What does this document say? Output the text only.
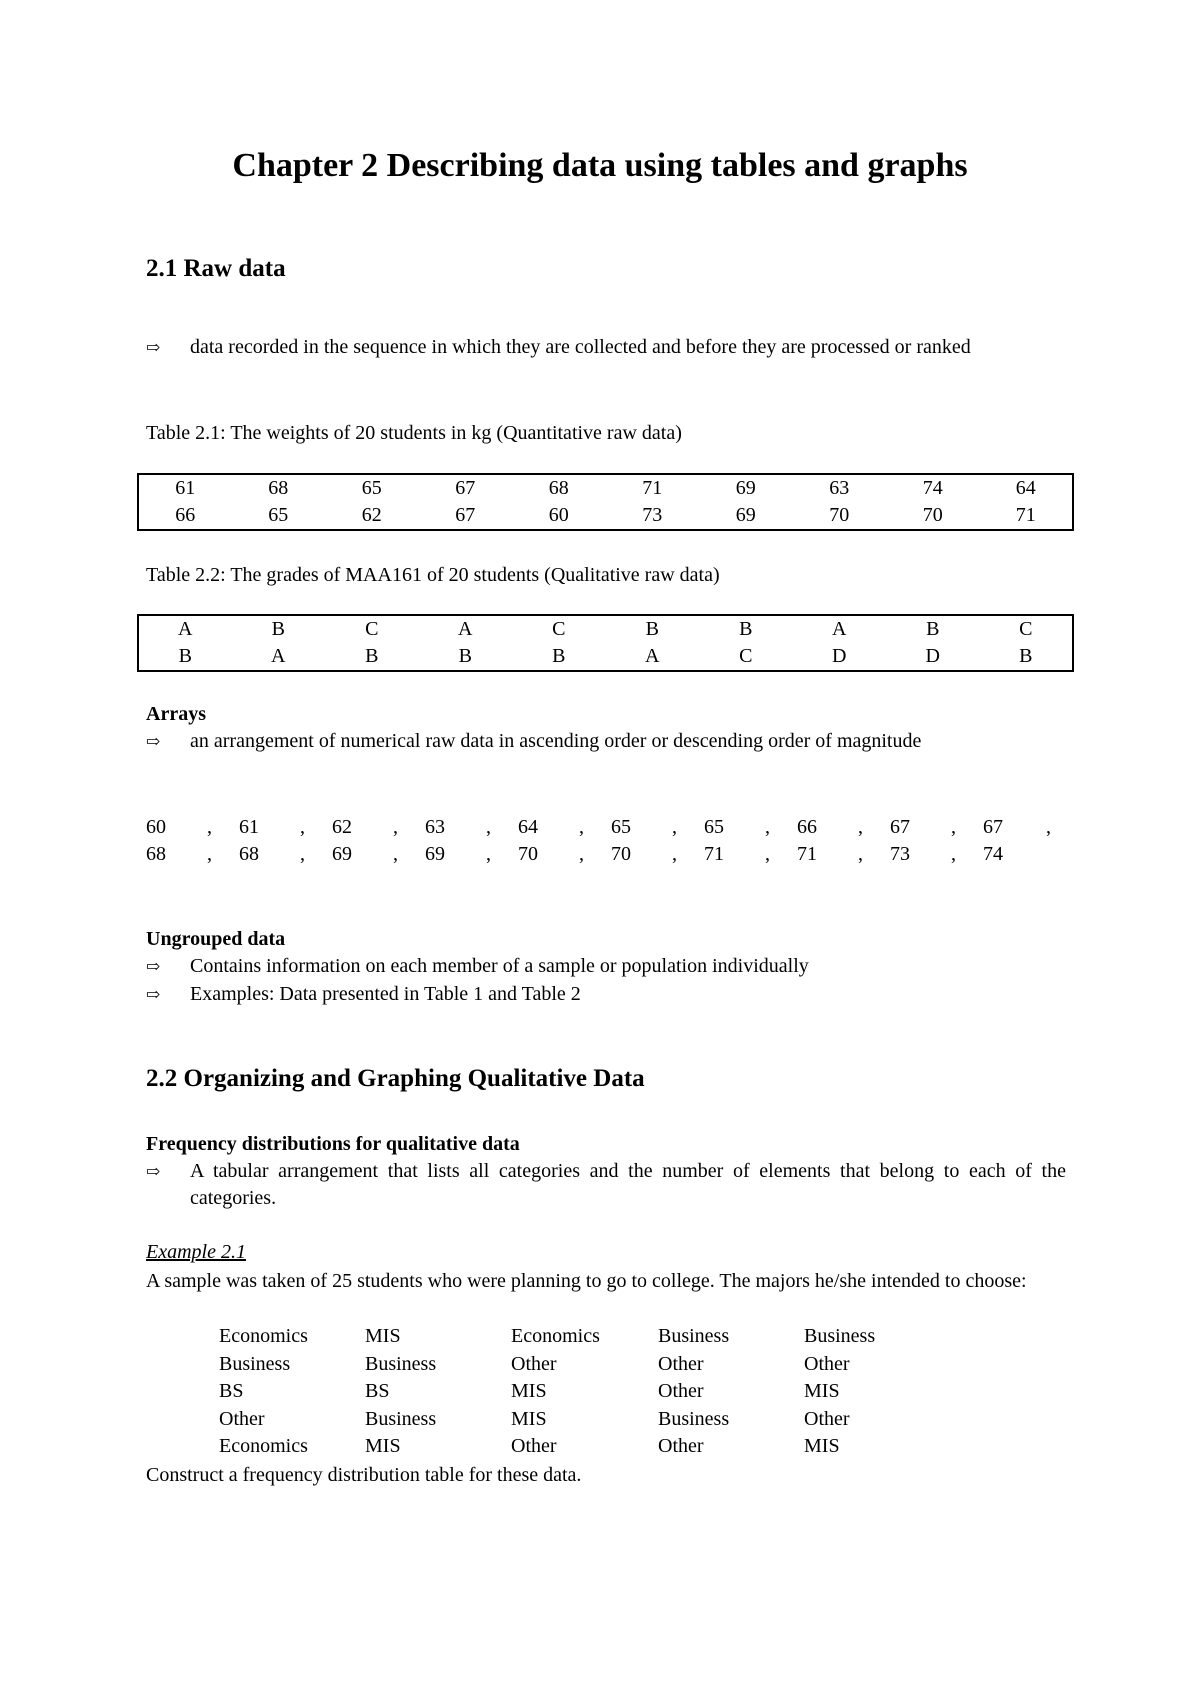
Chapter 2 Describing data using tables and graphs
2.1 Raw data
⇨ data recorded in the sequence in which they are collected and before they are processed or ranked
Table 2.1: The weights of 20 students in kg (Quantitative raw data)
61	68	65	67	68	71	69	63	74	64
66	65	62	67	60	73	69	70	70	71
Table 2.2: The grades of MAA161 of 20 students (Qualitative raw data)
A	B	C	A	C	B	B	A	B	C
B	A	B	B	B	A	C	D	D	B
Arrays
⇨ an arrangement of numerical raw data in ascending order or descending order of magnitude
60 , 61 , 62 , 63 , 64 , 65 , 65 , 66 , 67 , 67 ,
68 , 68 , 69 , 69 , 70 , 70 , 71 , 71 , 73 , 74
Ungrouped data
⇨ Contains information on each member of a sample or population individually
⇨ Examples: Data presented in Table 1 and Table 2
2.2 Organizing and Graphing Qualitative Data
Frequency distributions for qualitative data
⇨ A tabular arrangement that lists all categories and the number of elements that belong to each of the categories.
Example 2.1
A sample was taken of 25 students who were planning to go to college. The majors he/she intended to choose:
Economics	MIS	Economics	Business	Business
Business	Business	Other	Other	Other
BS	BS	MIS	Other	MIS
Other	Business	MIS	Business	Other
Economics	MIS	Other	Other	MIS
Construct a frequency distribution table for these data.
